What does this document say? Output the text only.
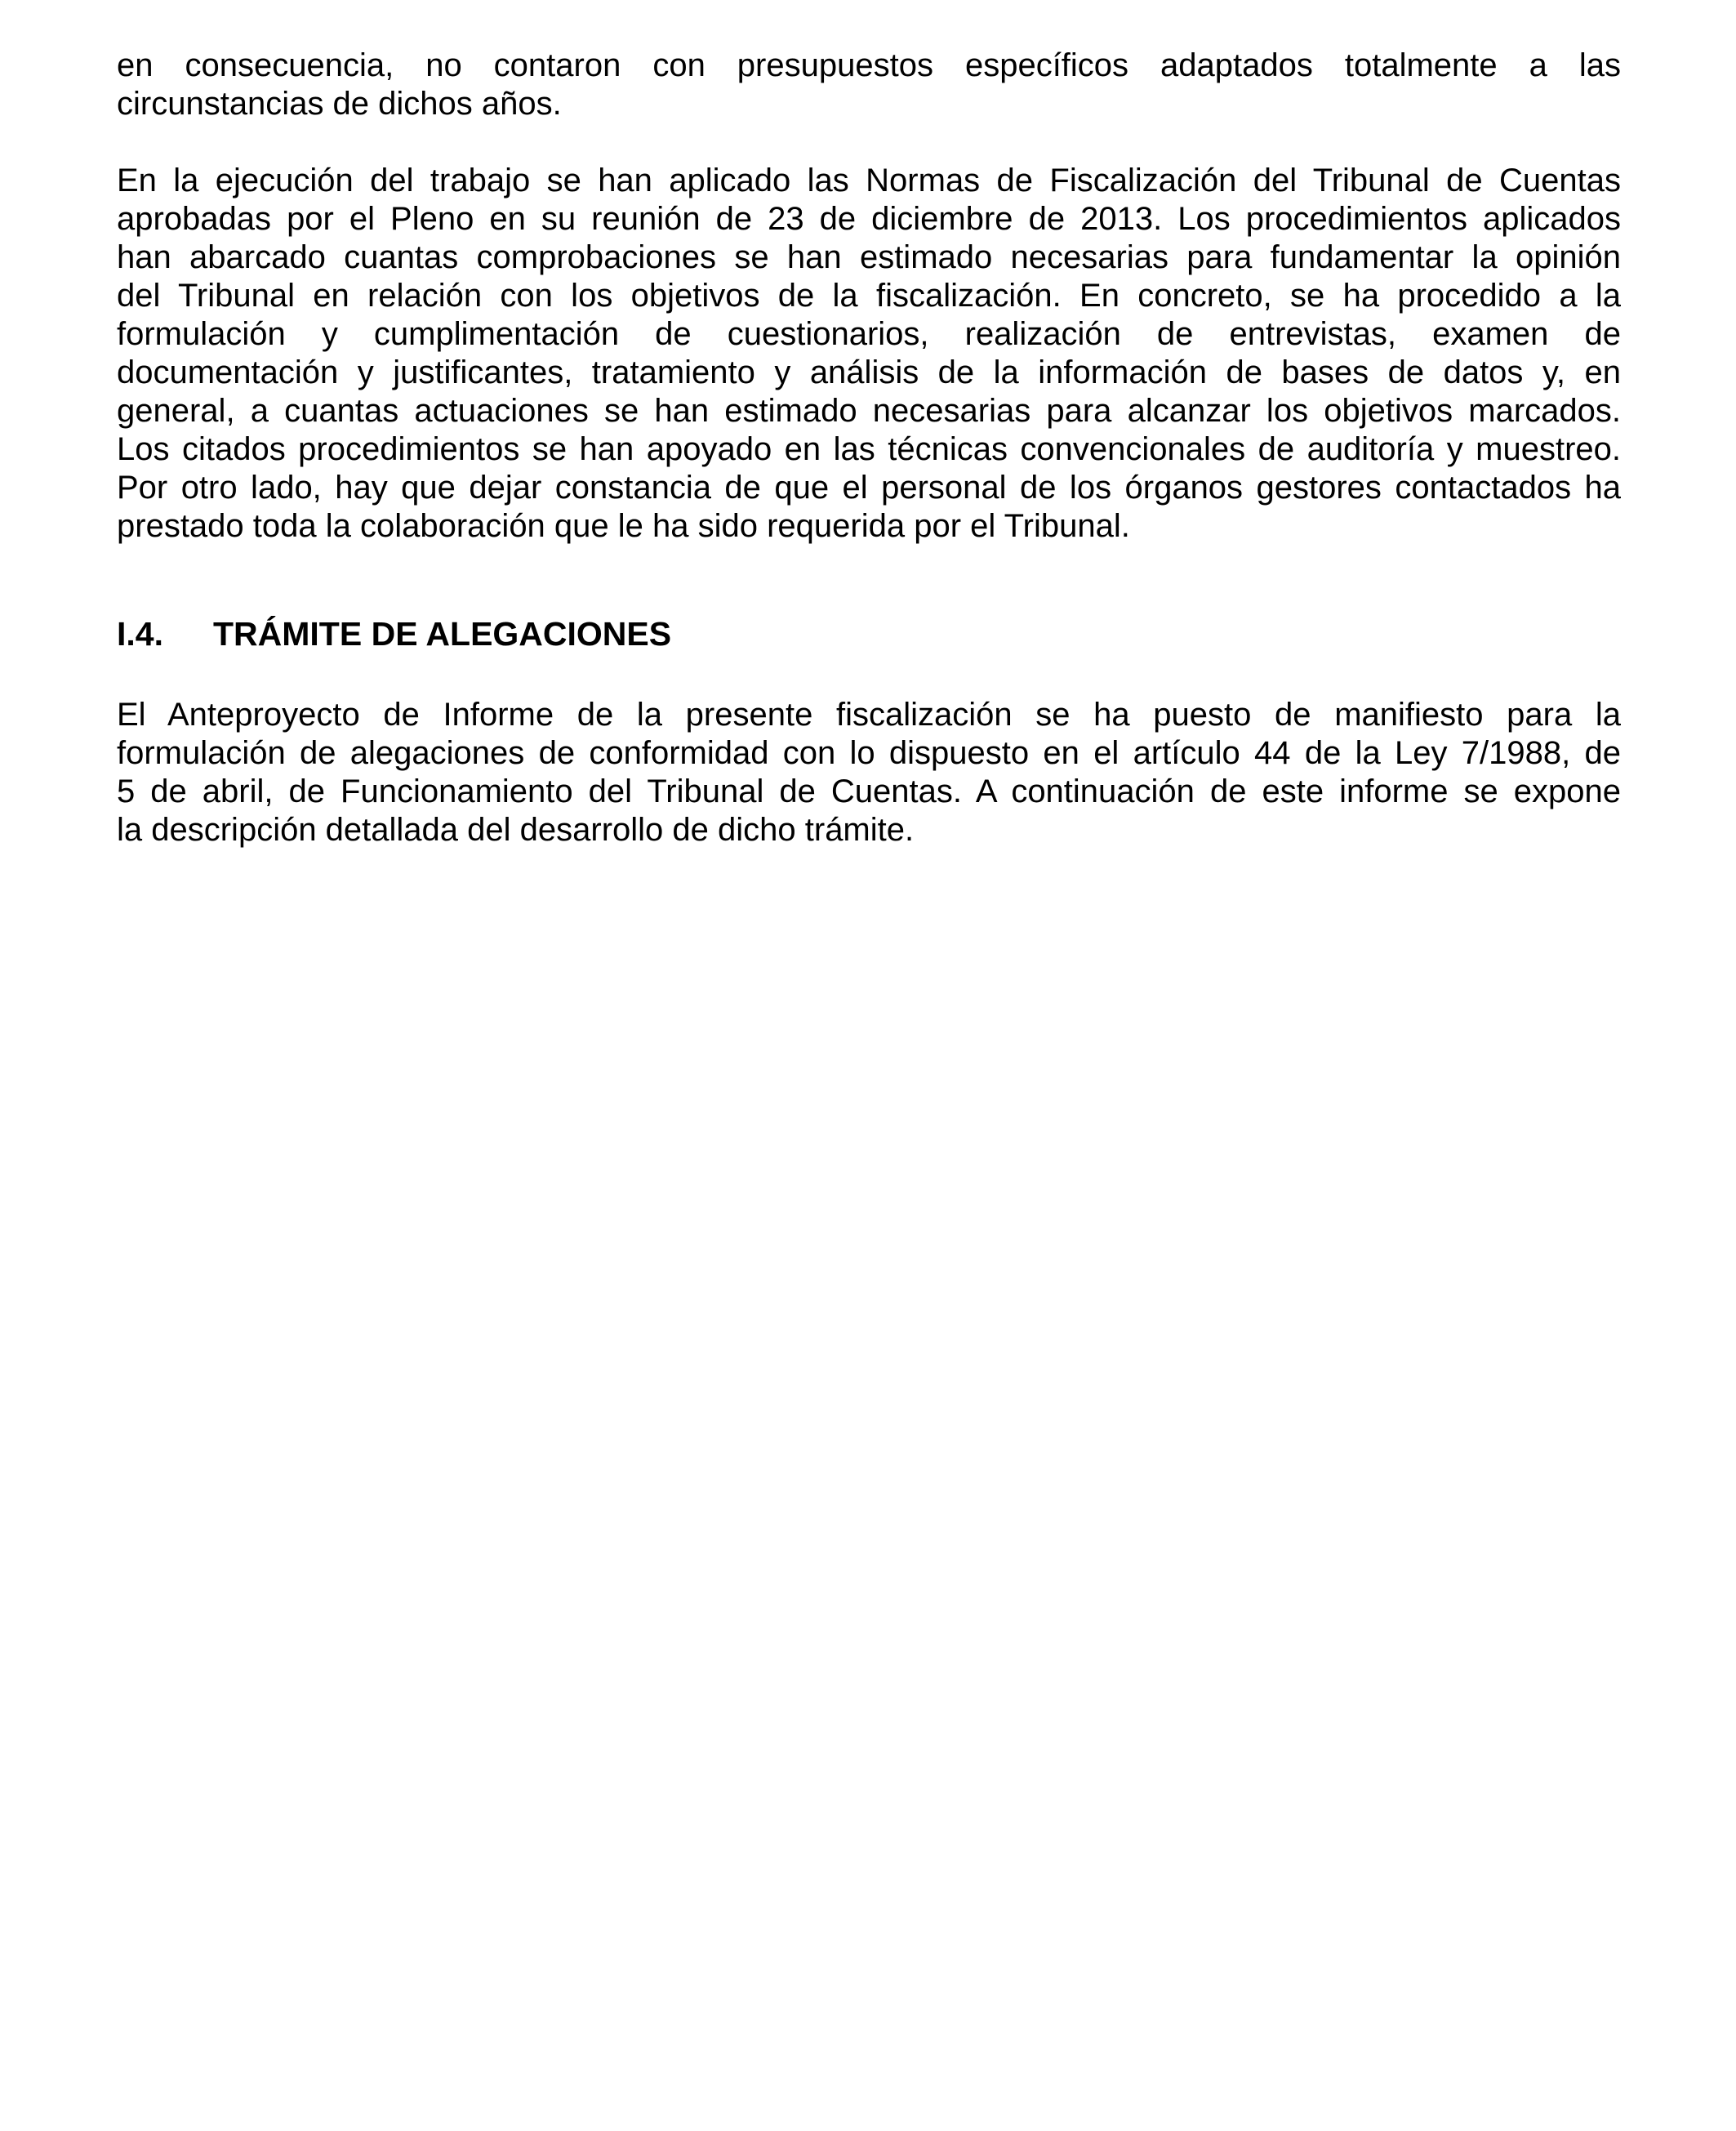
en consecuencia, no contaron con presupuestos específicos adaptados totalmente a las
circunstancias de dichos años.
En la ejecución del trabajo se han aplicado las Normas de Fiscalización del Tribunal de Cuentas
aprobadas por el Pleno en su reunión de 23 de diciembre de 2013. Los procedimientos aplicados
han abarcado cuantas comprobaciones se han estimado necesarias para fundamentar la opinión
del Tribunal en relación con los objetivos de la fiscalización. En concreto, se ha procedido a la
formulación y cumplimentación de cuestionarios, realización de entrevistas, examen de
documentación y justificantes, tratamiento y análisis de la información de bases de datos y, en
general, a cuantas actuaciones se han estimado necesarias para alcanzar los objetivos marcados.
Los citados procedimientos se han apoyado en las técnicas convencionales de auditoría y muestreo.
Por otro lado, hay que dejar constancia de que el personal de los órganos gestores contactados ha
prestado toda la colaboración que le ha sido requerida por el Tribunal.
I.4. TRÁMITE DE ALEGACIONES
El Anteproyecto de Informe de la presente fiscalización se ha puesto de manifiesto para la
formulación de alegaciones de conformidad con lo dispuesto en el artículo 44 de la Ley 7/1988, de
5 de abril, de Funcionamiento del Tribunal de Cuentas. A continuación de este informe se expone
la descripción detallada del desarrollo de dicho trámite.
